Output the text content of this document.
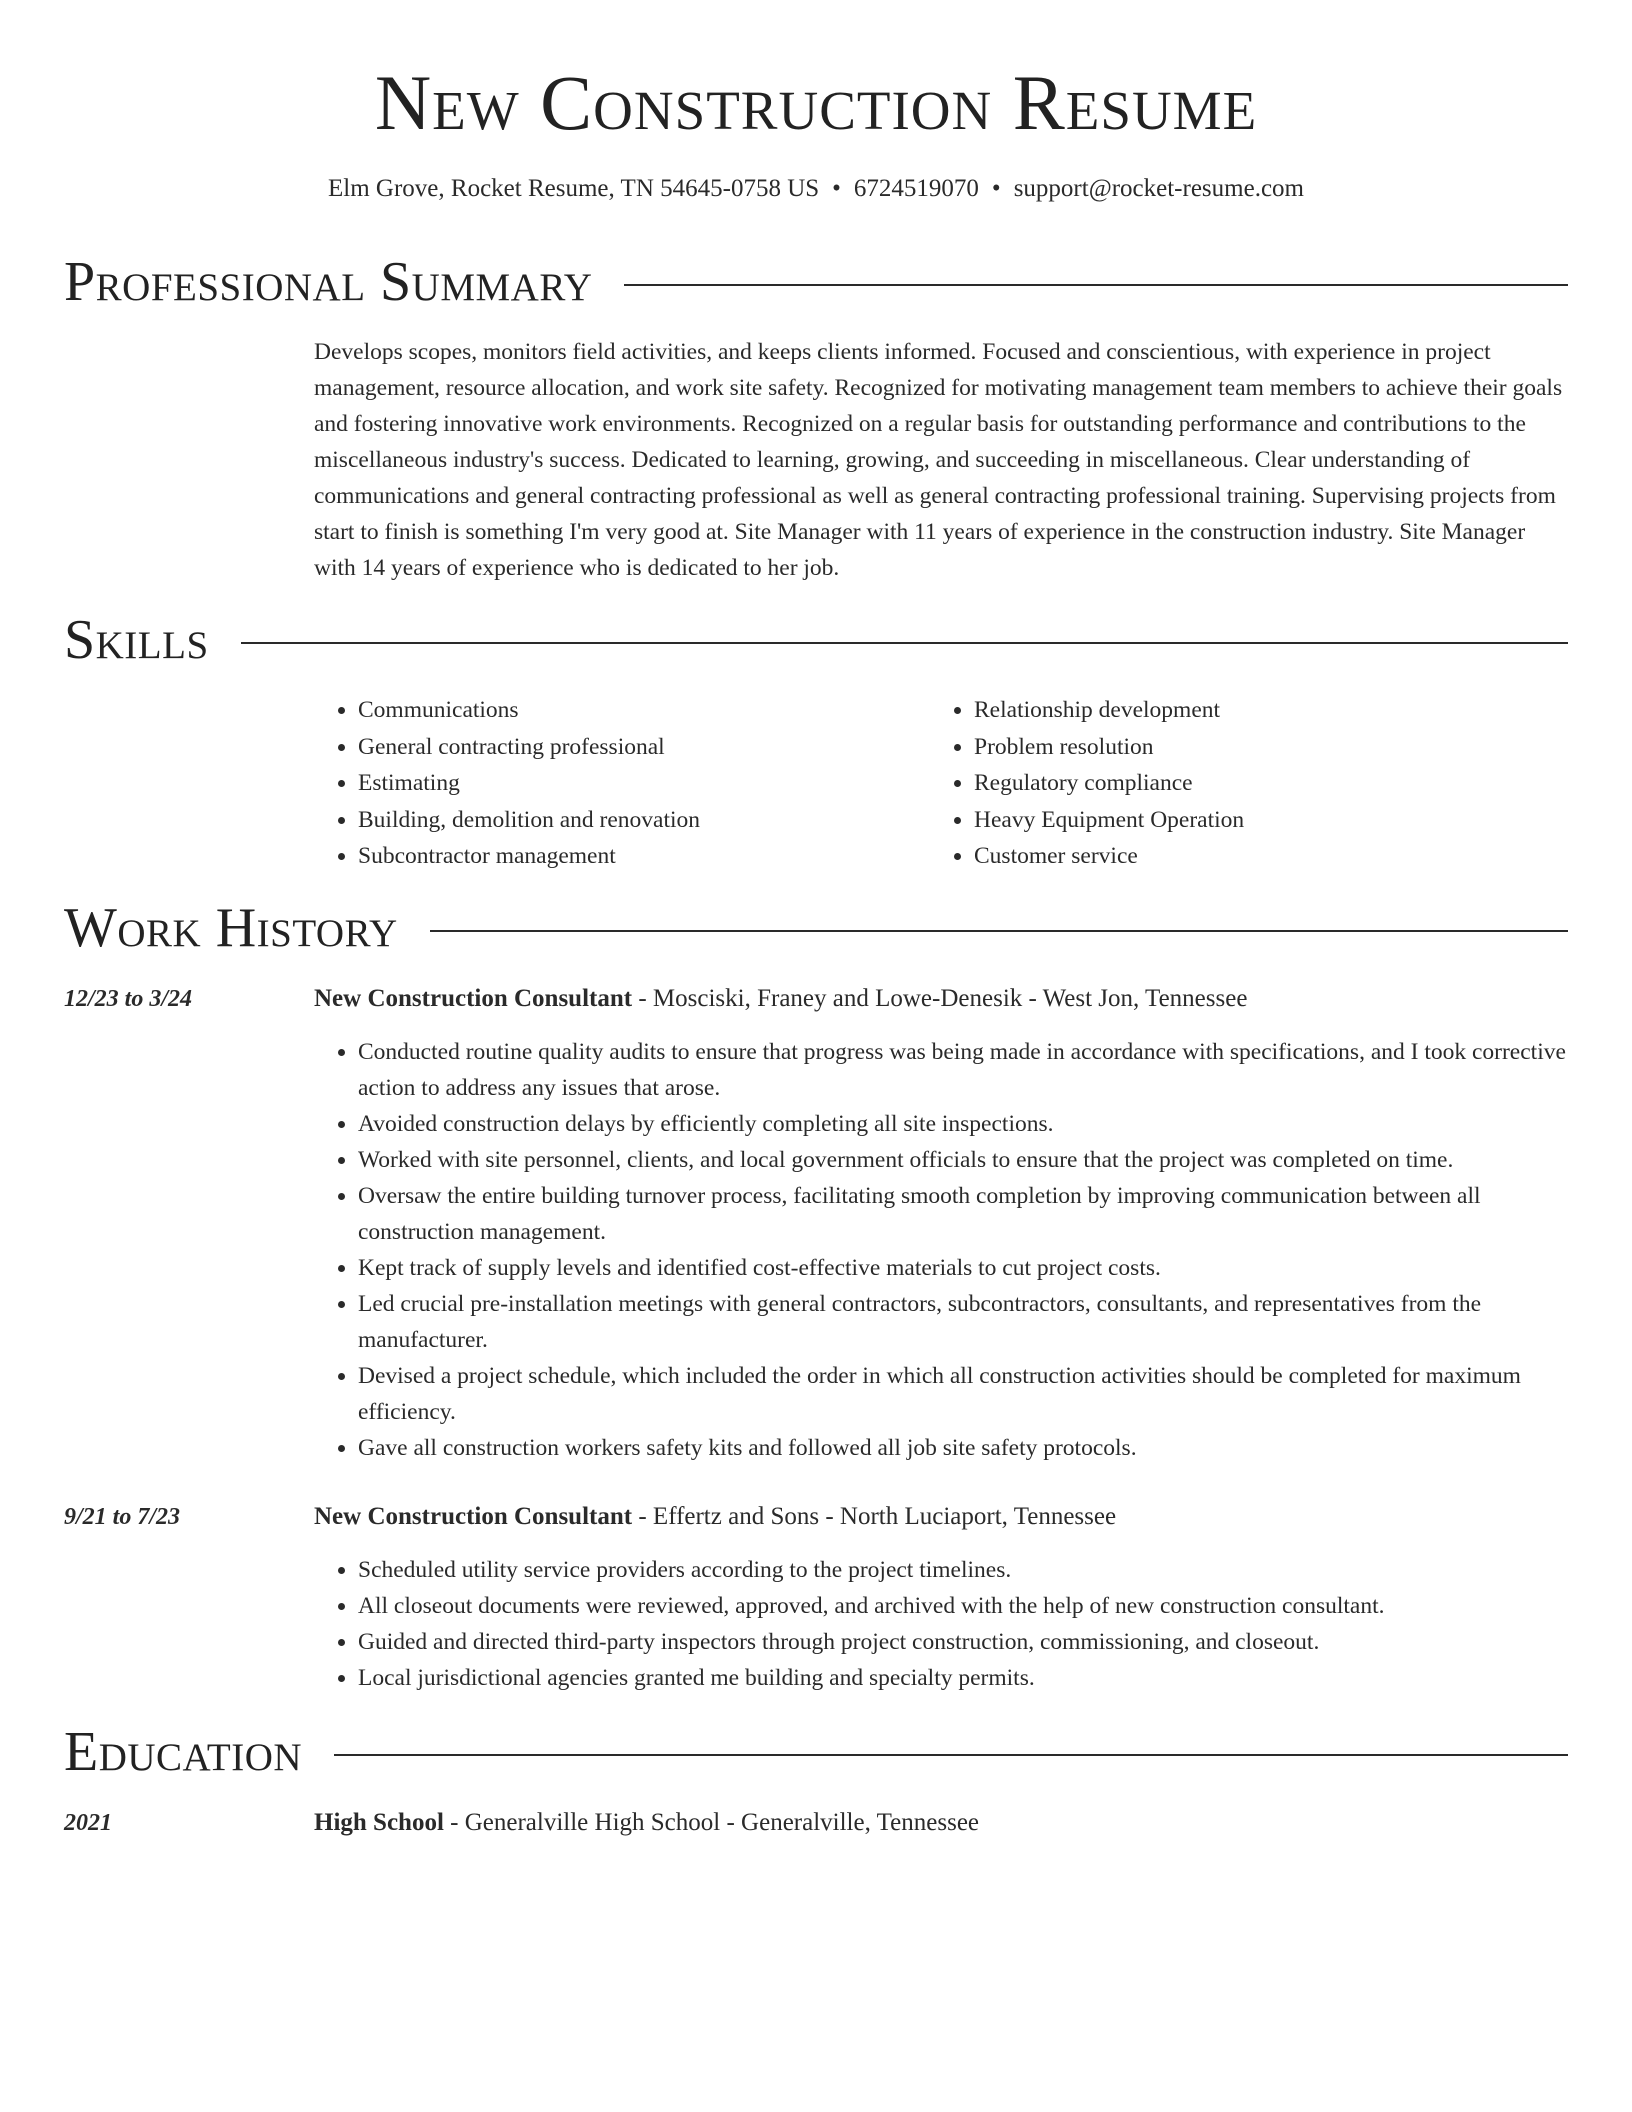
New Construction Resume
Elm Grove, Rocket Resume, TN 54645-0758 US • 6724519070 • support@rocket-resume.com
Professional Summary
Develops scopes, monitors field activities, and keeps clients informed. Focused and conscientious, with experience in project management, resource allocation, and work site safety. Recognized for motivating management team members to achieve their goals and fostering innovative work environments. Recognized on a regular basis for outstanding performance and contributions to the miscellaneous industry's success. Dedicated to learning, growing, and succeeding in miscellaneous. Clear understanding of communications and general contracting professional as well as general contracting professional training. Supervising projects from start to finish is something I'm very good at. Site Manager with 11 years of experience in the construction industry. Site Manager with 14 years of experience who is dedicated to her job.
Skills
• Communications
• General contracting professional
• Estimating
• Building, demolition and renovation
• Subcontractor management
• Relationship development
• Problem resolution
• Regulatory compliance
• Heavy Equipment Operation
• Customer service
Work History
12/23 to 3/24	New Construction Consultant - Mosciski, Franey and Lowe-Denesik - West Jon, Tennessee
• Conducted routine quality audits to ensure that progress was being made in accordance with specifications, and I took corrective action to address any issues that arose.
• Avoided construction delays by efficiently completing all site inspections.
• Worked with site personnel, clients, and local government officials to ensure that the project was completed on time.
• Oversaw the entire building turnover process, facilitating smooth completion by improving communication between all construction management.
• Kept track of supply levels and identified cost-effective materials to cut project costs.
• Led crucial pre-installation meetings with general contractors, subcontractors, consultants, and representatives from the manufacturer.
• Devised a project schedule, which included the order in which all construction activities should be completed for maximum efficiency.
• Gave all construction workers safety kits and followed all job site safety protocols.
9/21 to 7/23	New Construction Consultant - Effertz and Sons - North Luciaport, Tennessee
• Scheduled utility service providers according to the project timelines.
• All closeout documents were reviewed, approved, and archived with the help of new construction consultant.
• Guided and directed third-party inspectors through project construction, commissioning, and closeout.
• Local jurisdictional agencies granted me building and specialty permits.
Education
2021	High School - Generalville High School - Generalville, Tennessee
